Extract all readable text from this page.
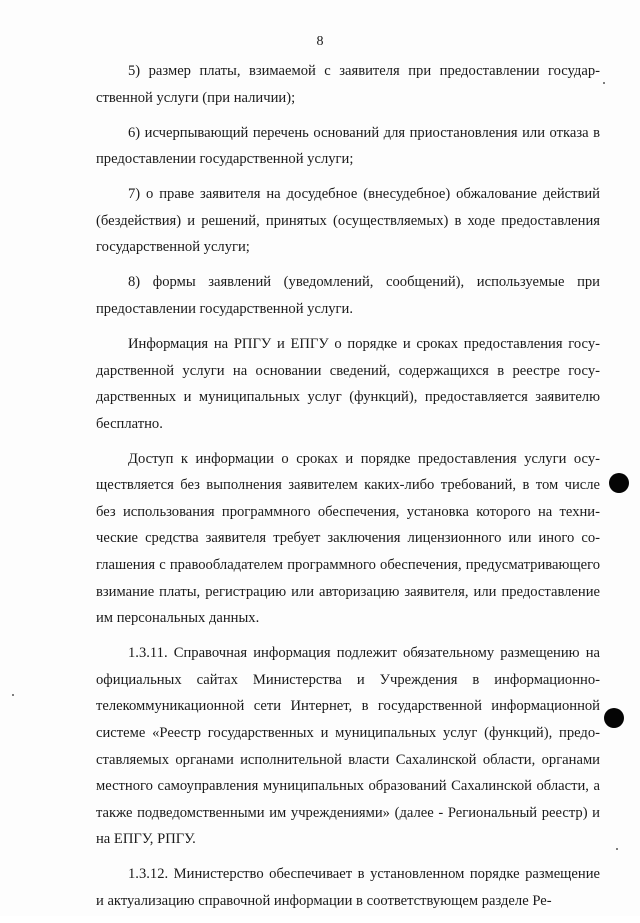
8

5) размер платы, взимаемой с заявителя при предоставлении государственной услуги (при наличии);

6) исчерпывающий перечень оснований для приостановления или отказа в предоставлении государственной услуги;

7) о праве заявителя на досудебное (внесудебное) обжалование действий (бездействия) и решений, принятых (осуществляемых) в ходе предоставления государственной услуги;

8) формы заявлений (уведомлений, сообщений), используемые при предоставлении государственной услуги.

Информация на РПГУ и ЕПГУ о порядке и сроках предоставления государственной услуги на основании сведений, содержащихся в реестре государственных и муниципальных услуг (функций), предоставляется заявителю бесплатно.

Доступ к информации о сроках и порядке предоставления услуги осуществляется без выполнения заявителем каких-либо требований, в том числе без использования программного обеспечения, установка которого на технические средства заявителя требует заключения лицензионного или иного соглашения с правообладателем программного обеспечения, предусматривающего взимание платы, регистрацию или авторизацию заявителя, или предоставление им персональных данных.

1.3.11. Справочная информация подлежит обязательному размещению на официальных сайтах Министерства и Учреждения в информационно-телекоммуникационной сети Интернет, в государственной информационной системе «Реестр государственных и муниципальных услуг (функций), предоставляемых органами исполнительной власти Сахалинской области, органами местного самоуправления муниципальных образований Сахалинской области, а также подведомственными им учреждениями» (далее - Региональный реестр) и на ЕПГУ, РПГУ.

1.3.12. Министерство обеспечивает в установленном порядке размещение и актуализацию справочной информации в соответствующем разделе Ре-
